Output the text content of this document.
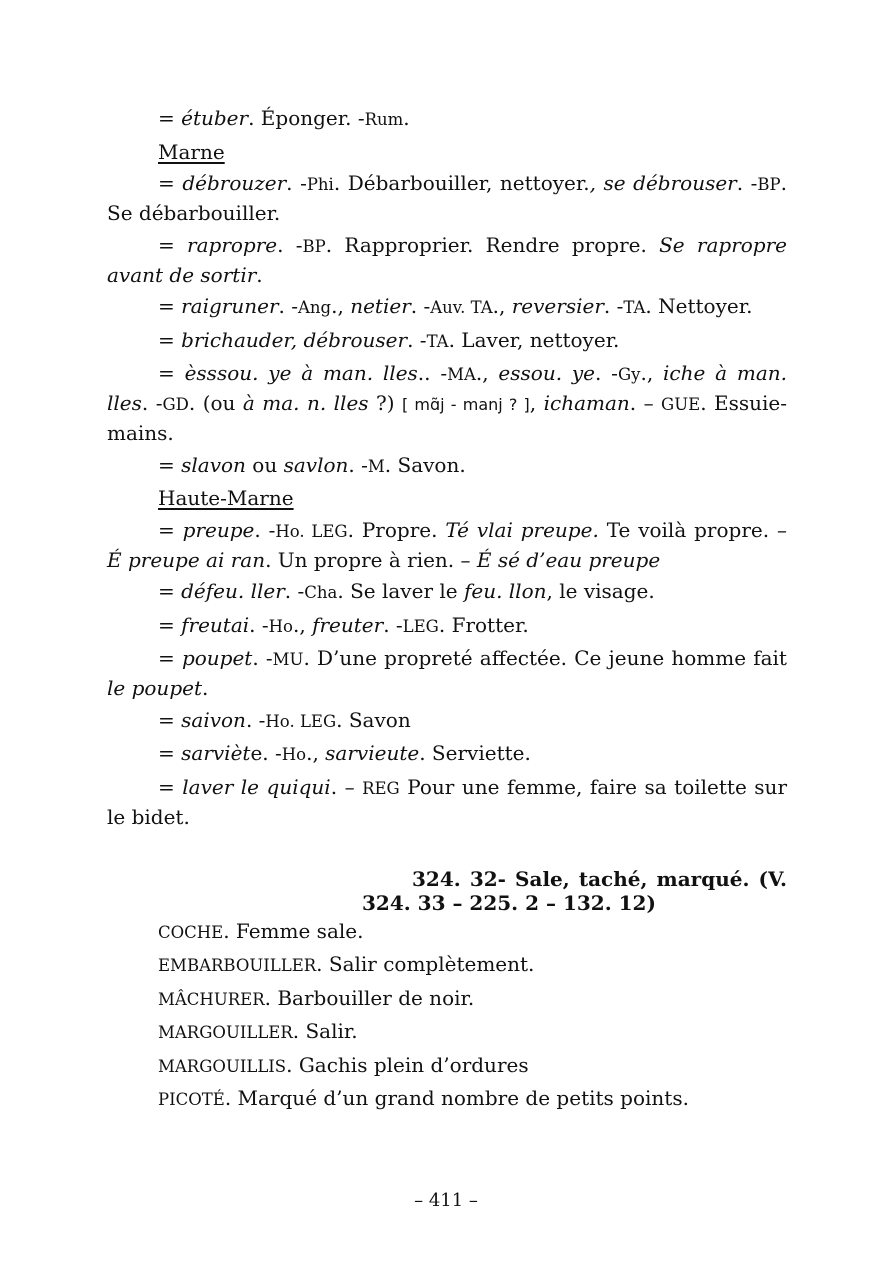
= étuber. Éponger. -Rum.

Marne

= débrouzer. -Phi. Débarbouiller, nettoyer., se débrouser. -BP. Se débarbouiller.

= rapropre. -BP. Rapproprier. Rendre propre. Se rapropre avant de sortir.

= raigruner. -Ang., netier. -Auv. TA., reversier. -TA. Nettoyer.

= brichauder, débrouser. -TA. Laver, nettoyer.

= èsssou. ye à man. lles.. -MA., essou. ye. -Gy., iche à man. lles. -GD. (ou à ma. n. lles ?) [ mɑ̃j - manj ? ], ichaman. – GUE. Essuie-mains.

= slavon ou savlon. -M. Savon.

Haute-Marne

= preupe. -Ho. LEG. Propre. Té vlai preupe. Te voilà propre. – É preupe ai ran. Un propre à rien. – É sé d’eau preupe

= défeu. ller. -Cha. Se laver le feu. llon, le visage.

= freutai. -Ho., freuter. -LEG. Frotter.

= poupet. -MU. D’une propreté affectée. Ce jeune homme fait le poupet.

= saivon. -Ho. LEG. Savon

= sarviète. -Ho., sarvieute. Serviette.

= laver le quiqui. – REG Pour une femme, faire sa toilette sur le bidet.

324. 32- Sale, taché, marqué. (V.
324. 33 – 225. 2 – 132. 12)
COCHE. Femme sale.
EMBARBOUILLER. Salir complètement.
MÂCHURER. Barbouiller de noir.
MARGOUILLER. Salir.
MARGOUILLIS. Gachis plein d’ordures
PICOTÉ. Marqué d’un grand nombre de petits points.
– 411 –
